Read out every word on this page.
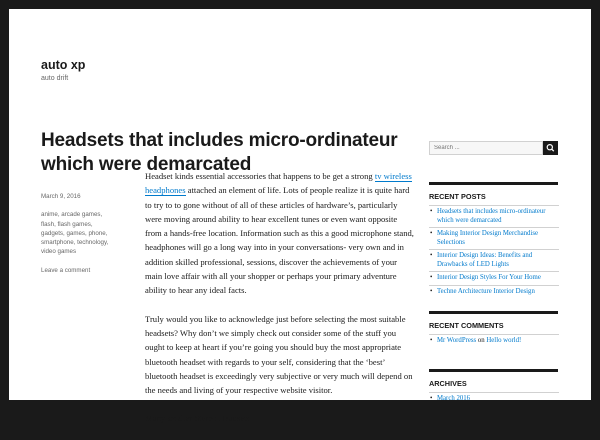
auto xp
auto drift
Headsets that includes micro-ordinateur which were demarcated
March 9, 2016
anime, arcade games, flash, flash games, gadgets, games, phone, smartphone, technology, video games
Leave a comment

Headset kinds essential accessories that happens to be get a strong tv wireless headphones attached an element of life. Lots of people realize it is quite hard to try to to gone without of all of these articles of hardware’s, particularly were moving around ability to hear excellent tunes or even want opposite from a hands-free location. Information such as this a good microphone stand, headphones will go a long way into in your conversations- very own and in addition skilled professional, sessions, discover the achievements of your main love affair with all your shopper or perhaps your primary adventure ability to hear any ideal facts.

Truly would you like to acknowledge just before selecting the most suitable headsets? Why don’t we simply check out consider some of the stuff you ought to keep at heart if you’re going you should buy the most appropriate bluetooth headset with regards to your self, considering that the ‘best’ bluetooth headset is exceedingly very subjective or very much will depend on the needs and living of your respective website visitor.

Many smaller Stereo Headsets

Search ...
RECENT POSTS
• Headsets that includes micro-ordinateur which were demarcated
• Making Interior Design Merchandise Selections
• Interior Design Ideas: Benefits and Drawbacks of LED Lights
• Interior Design Styles For Your Home
• Techne Architecture Interior Design
RECENT COMMENTS
• Mr WordPress on Hello world!
ARCHIVES
• March 2016
